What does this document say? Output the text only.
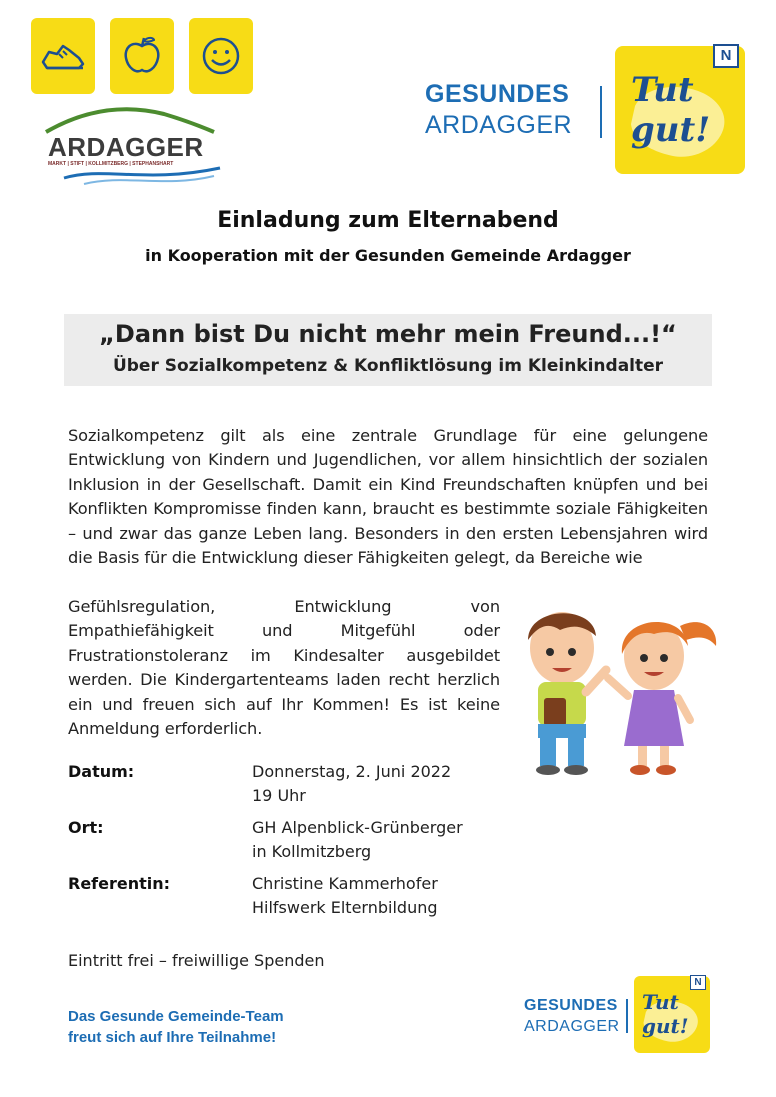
ARDAGGER
MARKT | STIFT | KOLLMITZBERG | STEPHANSHART
GESUNDES
ARDAGGER
Tut gut!
N
Einladung zum Elternabend
in Kooperation mit der Gesunden Gemeinde Ardagger
„Dann bist Du nicht mehr mein Freund...!“
Über Sozialkompetenz & Konfliktlösung im Kleinkindalter
Sozialkompetenz gilt als eine zentrale Grundlage für eine gelungene Entwicklung von Kindern und Jugendlichen, vor allem hinsichtlich der sozialen Inklusion in der Gesellschaft. Damit ein Kind Freundschaften knüpfen und bei Konflikten Kompromisse finden kann, braucht es bestimmte soziale Fähigkeiten – und zwar das ganze Leben lang. Besonders in den ersten Lebensjahren wird die Basis für die Entwicklung dieser Fähigkeiten gelegt, da Bereiche wie
Gefühlsregulation, Entwicklung von Empathiefähigkeit und Mitgefühl oder Frustrationstoleranz im Kindesalter ausgebildet werden. Die Kindergartenteams laden recht herzlich ein und freuen sich auf Ihr Kommen! Es ist keine Anmeldung erforderlich.
Datum:	Donnerstag, 2. Juni 2022
19 Uhr
Ort:	GH Alpenblick-Grünberger
in Kollmitzberg
Referentin:	Christine Kammerhofer
Hilfswerk Elternbildung
Eintritt frei – freiwillige Spenden
Das Gesunde Gemeinde-Team
freut sich auf Ihre Teilnahme!
GESUNDES
ARDAGGER
Tut gut!
N
